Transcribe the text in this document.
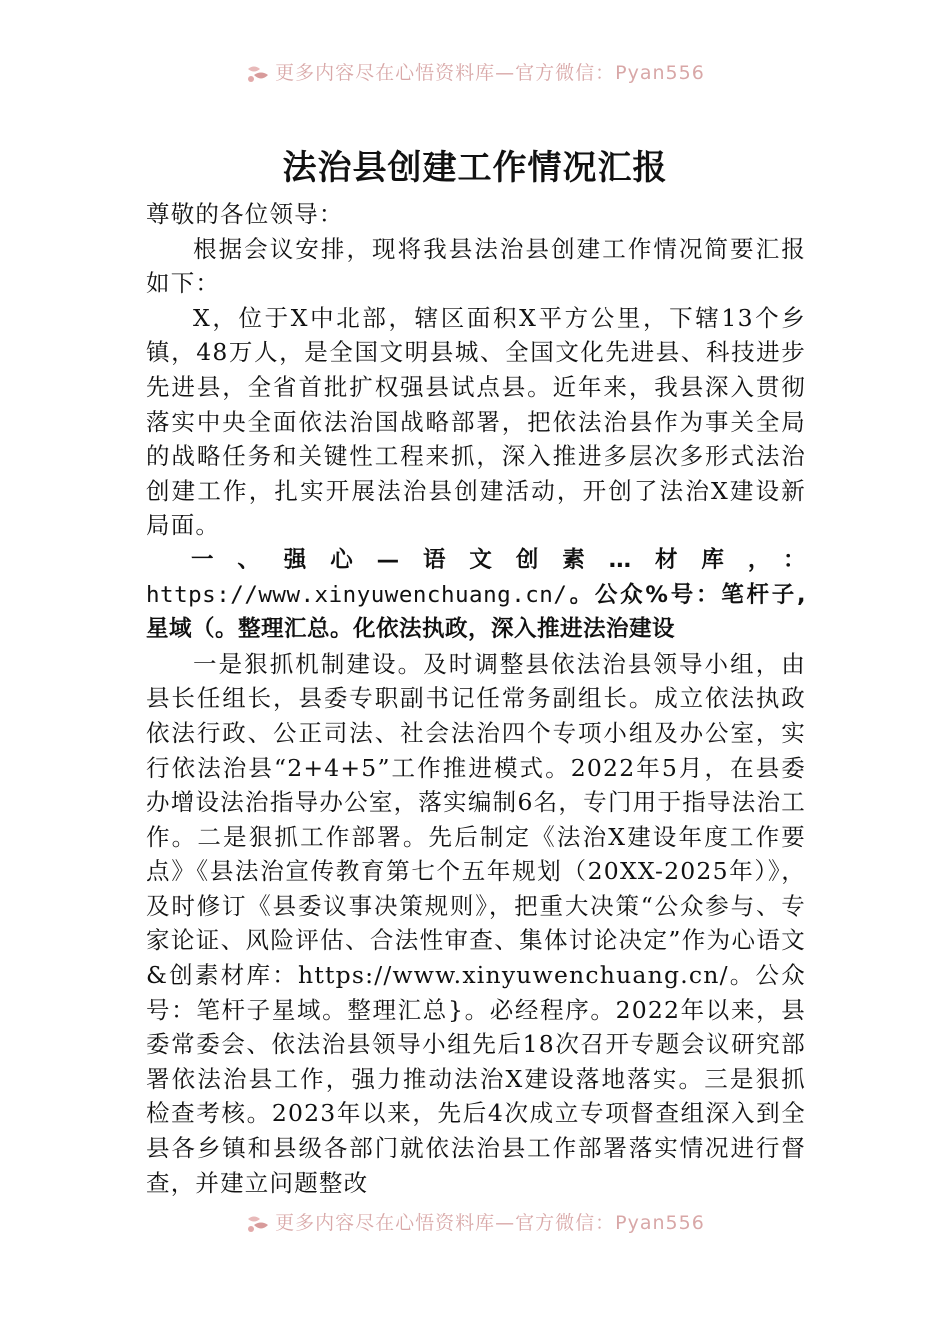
更多内容尽在心悟资料库—官方微信：Pyan556
法治县创建工作情况汇报

尊敬的各位领导：

根据会议安排，现将我县法治县创建工作情况简要汇报如下：

X，位于X中北部，辖区面积X平方公里，下辖13个乡镇，48万人，是全国文明县城、全国文化先进县、科技进步先进县，全省首批扩权强县试点县。近年来，我县深入贯彻落实中央全面依法治国战略部署，把依法治县作为事关全局的战略任务和关键性工程来抓，深入推进多层次多形式法治创建工作，扎实开展法治县创建活动，开创了法治X建设新局面。

一、强心—语文创素…材库，：https://www.xinyuwenchuang.cn/。公众%号：笔杆子,星域（。整理汇总。化依法执政，深入推进法治建设

一是狠抓机制建设。及时调整县依法治县领导小组，由县长任组长，县委专职副书记任常务副组长。成立依法执政依法行政、公正司法、社会法治四个专项小组及办公室，实行依法治县“2+4+5”工作推进模式。2022年5月，在县委办增设法治指导办公室，落实编制6名，专门用于指导法治工作。二是狠抓工作部署。先后制定《法治X建设年度工作要点》《县法治宣传教育第七个五年规划（20XX-2025年）》，及时修订《县委议事决策规则》，把重大决策“公众参与、专家论证、风险评估、合法性审查、集体讨论决定”作为心语文&创素材库：https://www.xinyuwenchuang.cn/。公众号：笔杆子星域。整理汇总}。必经程序。2022年以来，县委常委会、依法治县领导小组先后18次召开专题会议研究部署依法治县工作，强力推动法治X建设落地落实。三是狠抓检查考核。2023年以来，先后4次成立专项督查组深入到全县各乡镇和县级各部门就依法治县工作部署落实情况进行督查，并建立问题整改

更多内容尽在心悟资料库—官方微信：Pyan556
